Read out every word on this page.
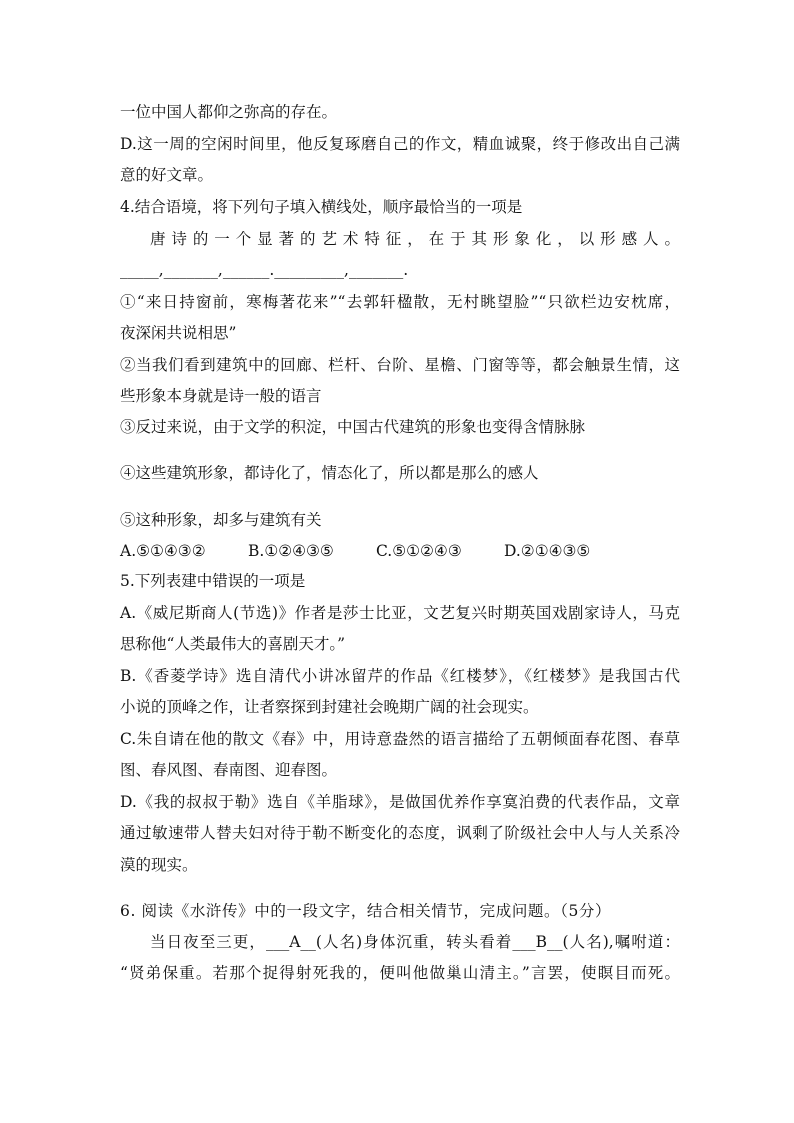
一位中国人都仰之弥高的存在。
D.这一周的空闲时间里，他反复琢磨自己的作文，精血诚聚，终于修改出自己满
意的好文章。
4.结合语境，将下列句子填入横线处，顺序最恰当的一项是
唐诗的一个显著的艺术特征，在于其形象化，以形感人。
_____,_______,______._________,_______.
①“来日持窗前，寒梅著花来”“去郭轩楹散，无村眺望脸”“只欲栏边安枕席，
夜深闲共说相思”
②当我们看到建筑中的回廊、栏杆、台阶、星檐、门窗等等，都会触景生情，这
些形象本身就是诗一般的语言
③反过来说，由于文学的积淀，中国古代建筑的形象也变得含情脉脉
④这些建筑形象，都诗化了，情态化了，所以都是那么的感人
⑤这种形象，却多与建筑有关
A.⑤①④③②	B.①②④③⑤	C.⑤①②④③	D.②①④③⑤
5.下列表建中错误的一项是
A.《威尼斯商人(节选)》作者是莎士比亚，文艺复兴时期英国戏剧家诗人，马克
思称他“人类最伟大的喜剧天才。”
B.《香菱学诗》选自清代小讲冰留芹的作品《红楼梦》，《红楼梦》是我国古代
小说的顶峰之作，让者察探到封建社会晚期广阔的社会现实。
C.朱自请在他的散文《春》中，用诗意盎然的语言描给了五朝倾面春花图、春草
图、春风图、春南图、迎春图。
D.《我的叔叔于勒》选自《羊脂球》，是做国优养作享寞泊费的代表作品，文章
通过敏速带人替夫妇对待于勒不断变化的态度，讽剩了阶级社会中人与人关系冷
漠的现实。
6. 阅读《水浒传》中的一段文字，结合相关情节，完成问题。（5分）
当日夜至三更，___A__(人名)身体沉重，转头看着___B__(人名),嘱咐道：
“贤弟保重。若那个捉得射死我的，便叫他做巢山清主。”言罢，使瞑目而死。
